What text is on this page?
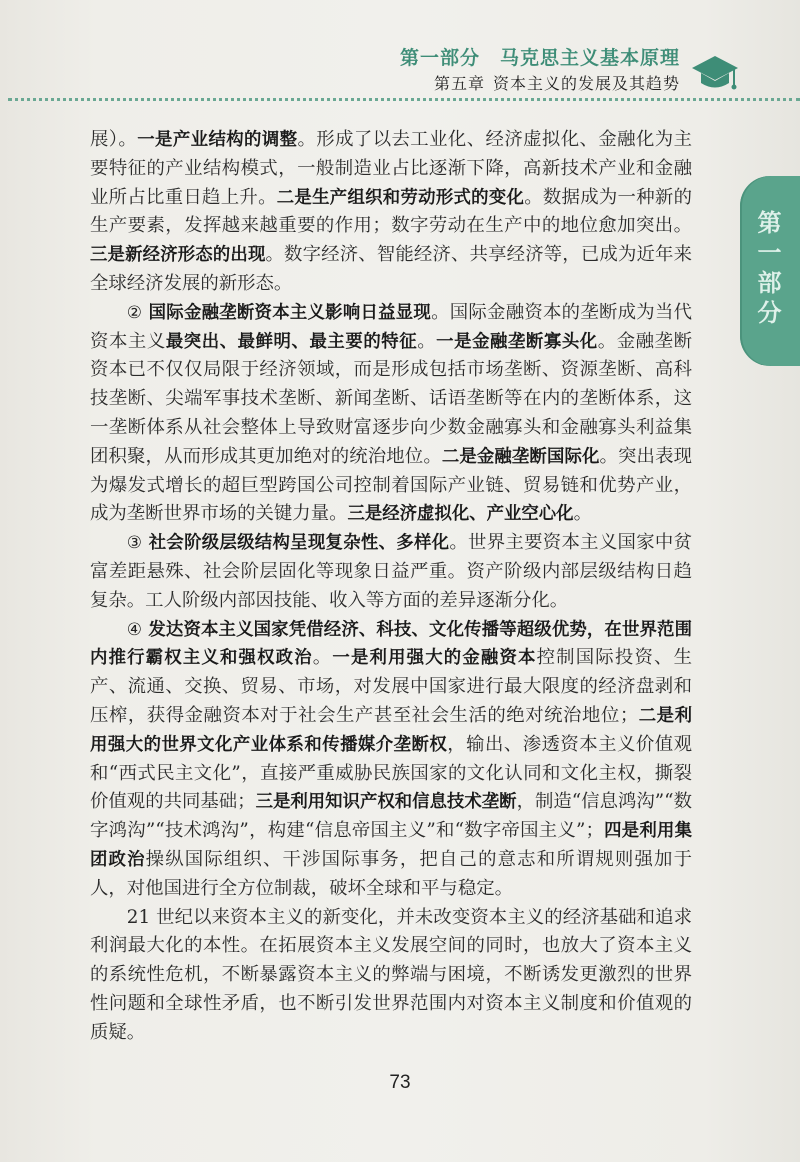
第一部分　马克思主义基本原理
第五章 资本主义的发展及其趋势
第一部分

展）。一是产业结构的调整。形成了以去工业化、经济虚拟化、金融化为主要特征的产业结构模式，一般制造业占比逐渐下降，高新技术产业和金融业所占比重日趋上升。二是生产组织和劳动形式的变化。数据成为一种新的生产要素，发挥越来越重要的作用；数字劳动在生产中的地位愈加突出。三是新经济形态的出现。数字经济、智能经济、共享经济等，已成为近年来全球经济发展的新形态。

② 国际金融垄断资本主义影响日益显现。国际金融资本的垄断成为当代资本主义最突出、最鲜明、最主要的特征。一是金融垄断寡头化。金融垄断资本已不仅仅局限于经济领域，而是形成包括市场垄断、资源垄断、高科技垄断、尖端军事技术垄断、新闻垄断、话语垄断等在内的垄断体系，这一垄断体系从社会整体上导致财富逐步向少数金融寡头和金融寡头利益集团积聚，从而形成其更加绝对的统治地位。二是金融垄断国际化。突出表现为爆发式增长的超巨型跨国公司控制着国际产业链、贸易链和优势产业，成为垄断世界市场的关键力量。三是经济虚拟化、产业空心化。

③ 社会阶级层级结构呈现复杂性、多样化。世界主要资本主义国家中贫富差距悬殊、社会阶层固化等现象日益严重。资产阶级内部层级结构日趋复杂。工人阶级内部因技能、收入等方面的差异逐渐分化。

④ 发达资本主义国家凭借经济、科技、文化传播等超级优势，在世界范围内推行霸权主义和强权政治。一是利用强大的金融资本控制国际投资、生产、流通、交换、贸易、市场，对发展中国家进行最大限度的经济盘剥和压榨，获得金融资本对于社会生产甚至社会生活的绝对统治地位；二是利用强大的世界文化产业体系和传播媒介垄断权，输出、渗透资本主义价值观和“西式民主文化”，直接严重威胁民族国家的文化认同和文化主权，撕裂价值观的共同基础；三是利用知识产权和信息技术垄断，制造“信息鸿沟”“数字鸿沟”“技术鸿沟”，构建“信息帝国主义”和“数字帝国主义”；四是利用集团政治操纵国际组织、干涉国际事务，把自己的意志和所谓规则强加于人，对他国进行全方位制裁，破坏全球和平与稳定。

21 世纪以来资本主义的新变化，并未改变资本主义的经济基础和追求利润最大化的本性。在拓展资本主义发展空间的同时，也放大了资本主义的系统性危机，不断暴露资本主义的弊端与困境，不断诱发更激烈的世界性问题和全球性矛盾，也不断引发世界范围内对资本主义制度和价值观的质疑。

73
